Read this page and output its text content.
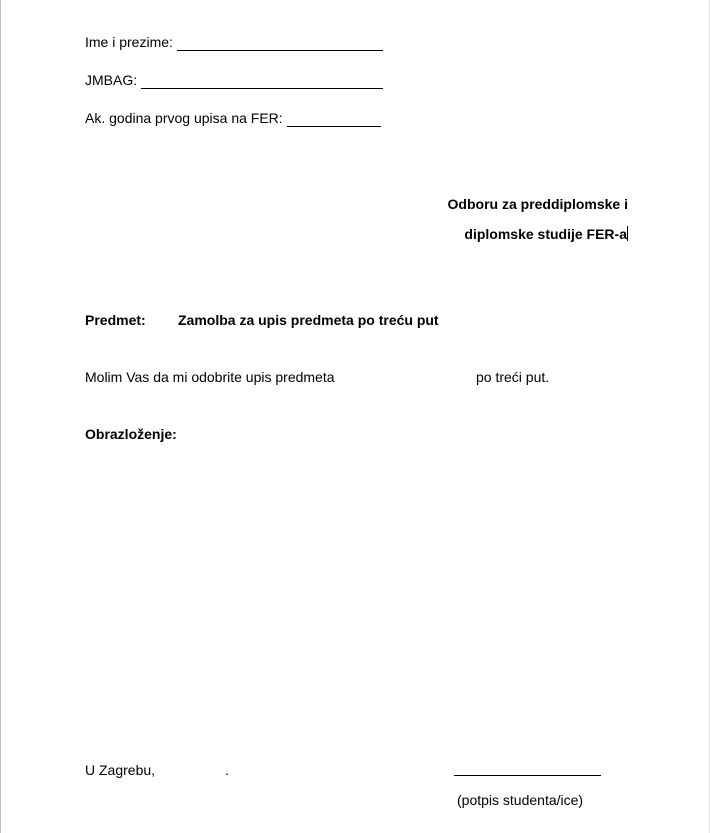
Ime i prezime:
JMBAG:
Ak. godina prvog upisa na FER:
Odboru za preddiplomske i
diplomske studije FER-a
Predmet: Zamolba za upis predmeta po treću put
Molim Vas da mi odobrite upis predmeta	po treći put.
Obrazloženje:
U Zagrebu,	.
(potpis studenta/ice)
